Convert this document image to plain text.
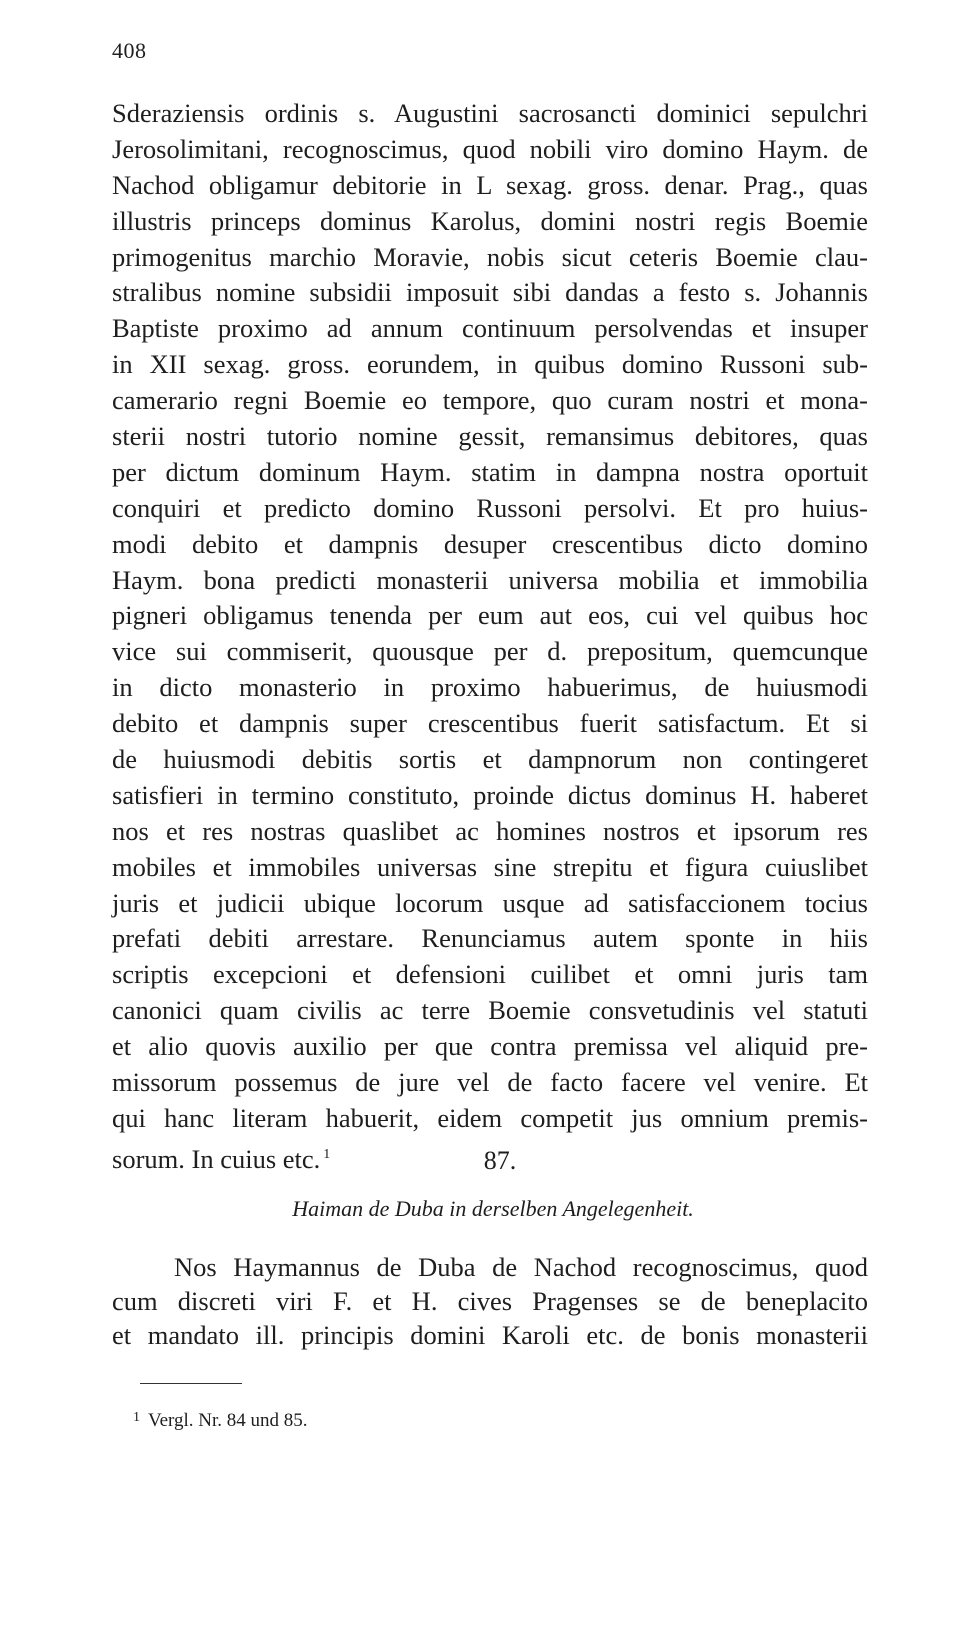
408
Sderaziensis ordinis s. Augustini sacrosancti dominici sepulchri
Jerosolimitani, recognoscimus, quod nobili viro domino Haym. de
Nachod obligamur debitorie in L sexag. gross. denar. Prag., quas
illustris princeps dominus Karolus, domini nostri regis Boemie
primogenitus marchio Moravie, nobis sicut ceteris Boemie clau-
stralibus nomine subsidii imposuit sibi dandas a festo s. Johannis
Baptiste proximo ad annum continuum persolvendas et insuper
in XII sexag. gross. eorundem, in quibus domino Russoni sub-
camerario regni Boemie eo tempore, quo curam nostri et mona-
sterii nostri tutorio nomine gessit, remansimus debitores, quas
per dictum dominum Haym. statim in dampna nostra oportuit
conquiri et predicto domino Russoni persolvi. Et pro huius-
modi debito et dampnis desuper crescentibus dicto domino
Haym. bona predicti monasterii universa mobilia et immobilia
pigneri obligamus tenenda per eum aut eos, cui vel quibus hoc
vice sui commiserit, quousque per d. prepositum, quemcunque
in dicto monasterio in proximo habuerimus, de huiusmodi
debito et dampnis super crescentibus fuerit satisfactum. Et si
de huiusmodi debitis sortis et dampnorum non contingeret
satisfieri in termino constituto, proinde dictus dominus H. haberet
nos et res nostras quaslibet ac homines nostros et ipsorum res
mobiles et immobiles universas sine strepitu et figura cuiuslibet
juris et judicii ubique locorum usque ad satisfaccionem tocius
prefati debiti arrestare. Renunciamus autem sponte in hiis
scriptis excepcioni et defensioni cuilibet et omni juris tam
canonici quam civilis ac terre Boemie consvetudinis vel statuti
et alio quovis auxilio per que contra premissa vel aliquid pre-
missorum possemus de jure vel de facto facere vel venire. Et
qui hanc literam habuerit, eidem competit jus omnium premis-
sorum. In cuius etc. $^1$	87.
Haiman de Duba in derselben Angelegenheit.
Nos Haymannus de Duba de Nachod recognoscimus, quod
cum discreti viri F. et H. cives Pragenses se de beneplacito
et mandato ill. principis domini Karoli etc. de bonis monasterii
$^1$ Vergl. Nr. 84 und 85.
